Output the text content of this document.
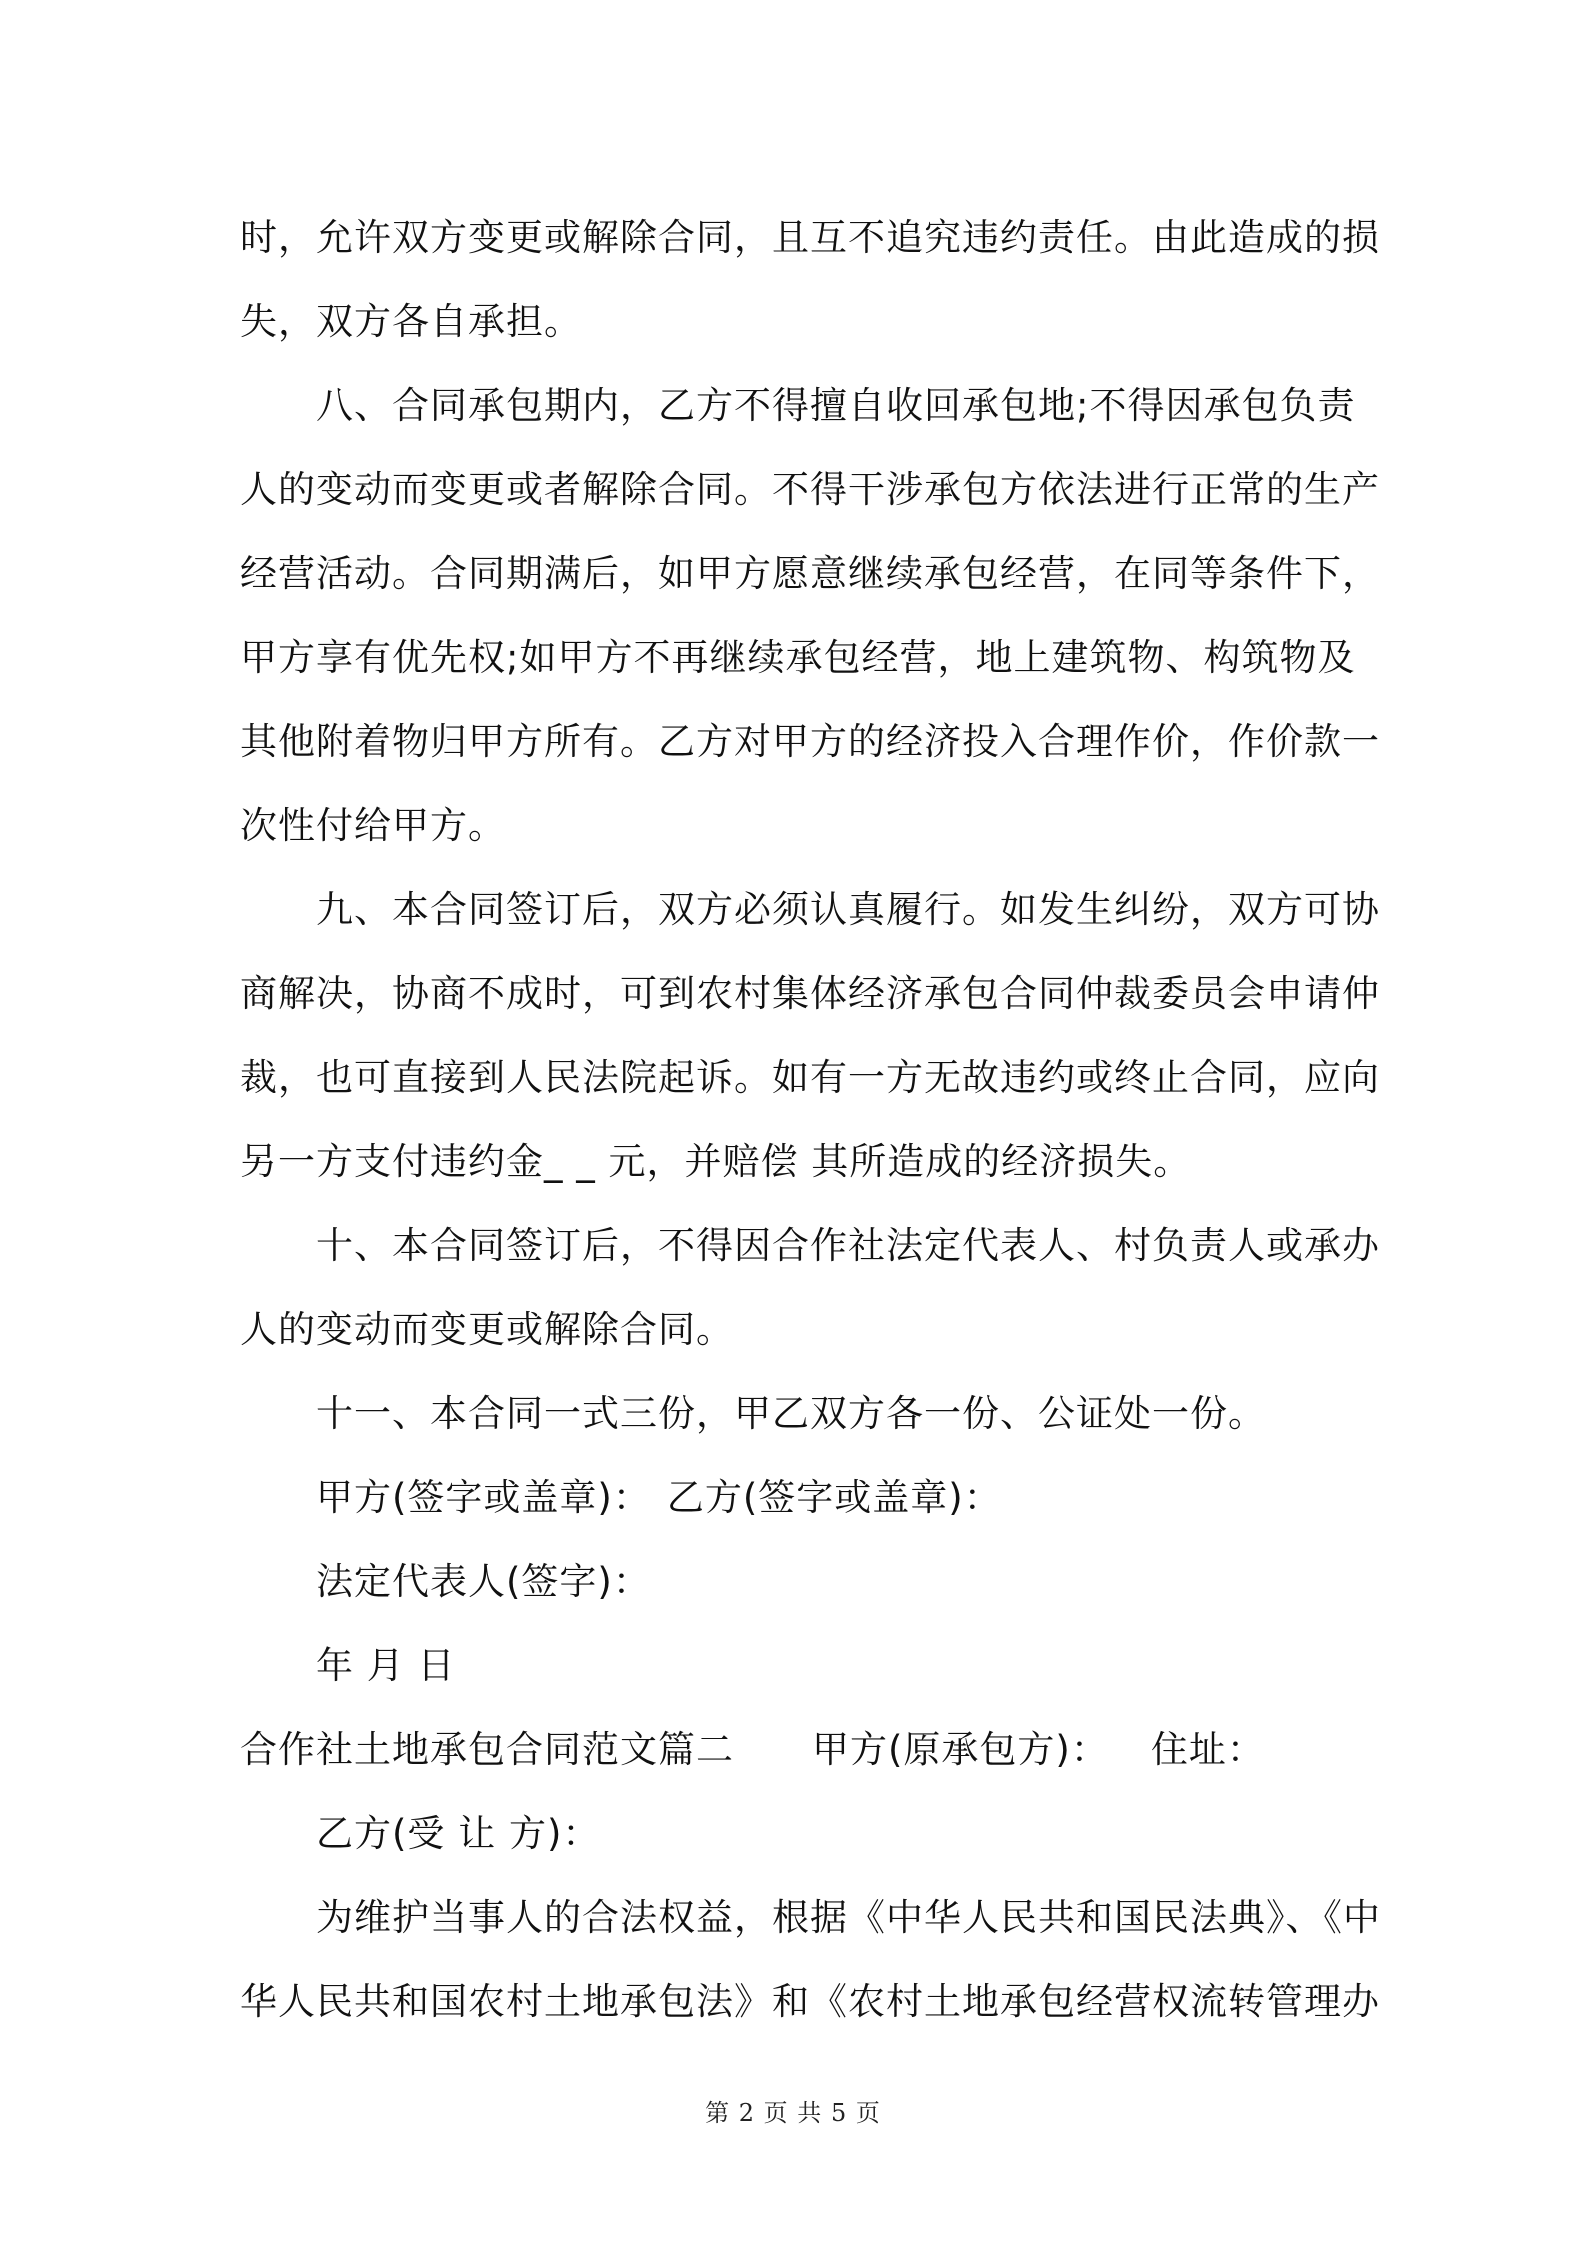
时，允许双方变更或解除合同，且互不追究违约责任。由此造成的损
失，双方各自承担。
八、合同承包期内，乙方不得擅自收回承包地;不得因承包负责
人的变动而变更或者解除合同。不得干涉承包方依法进行正常的生产
经营活动。合同期满后，如甲方愿意继续承包经营，在同等条件下，
甲方享有优先权;如甲方不再继续承包经营，地上建筑物、构筑物及
其他附着物归甲方所有。乙方对甲方的经济投入合理作价，作价款一
次性付给甲方。
九、本合同签订后，双方必须认真履行。如发生纠纷，双方可协
商解决，协商不成时，可到农村集体经济承包合同仲裁委员会申请仲
裁，也可直接到人民法院起诉。如有一方无故违约或终止合同，应向
另一方支付违约金_ _ 元，并赔偿 其所造成的经济损失。
十、本合同签订后，不得因合作社法定代表人、村负责人或承办
人的变动而变更或解除合同。
十一、本合同一式三份，甲乙双方各一份、公证处一份。
甲方(签字或盖章)： 乙方(签字或盖章)：
法定代表人(签字)：
年 月 日
合作社土地承包合同范文篇二 甲方(原承包方)： 住址：
乙方(受 让 方)：
为维护当事人的合法权益，根据《中华人民共和国民法典》、《中
华人民共和国农村土地承包法》和《农村土地承包经营权流转管理办
第 2 页 共 5 页
